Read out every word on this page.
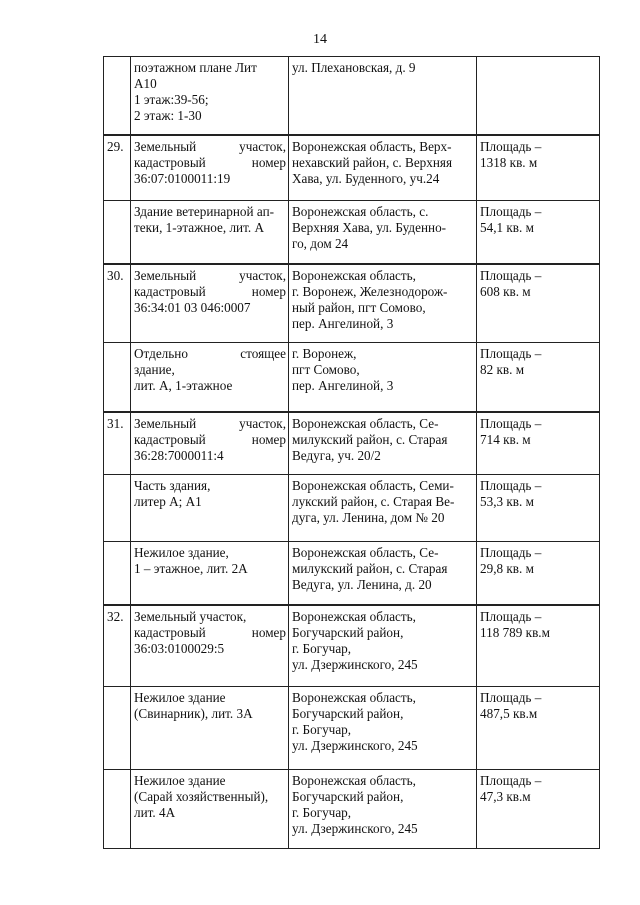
14

	поэтажном плане Лит
А10
1 этаж:39-56;
2 этаж: 1-30	ул. Плехановская, д. 9	

29.	Земельный участок,
кадастровый номер
36:07:0100011:19	Воронежская область, Верх-
нехавский район, с. Верхняя
Хава, ул. Буденного, уч.24	Площадь –
1318 кв. м

	Здание ветеринарной ап-
теки, 1-этажное, лит. А	Воронежская область, с.
Верхняя Хава, ул. Буденно-
го, дом 24	Площадь –
54,1 кв. м

30.	Земельный участок,
кадастровый номер
36:34:01 03 046:0007	Воронежская область,
г. Воронеж, Железнодорож-
ный район, пгт Сомово,
пер. Ангелиной, 3	Площадь –
608 кв. м

	Отдельно стоящее
здание,
лит. А, 1-этажное	г. Воронеж,
пгт Сомово,
пер. Ангелиной, 3	Площадь –
82 кв. м

31.	Земельный участок,
кадастровый номер
36:28:7000011:4	Воронежская область, Се-
милукский район, с. Старая
Ведуга, уч. 20/2	Площадь –
714 кв. м

	Часть здания,
литер А; А1	Воронежская область, Семи-
лукский район, с. Старая Ве-
дуга, ул. Ленина, дом № 20	Площадь –
53,3 кв. м

	Нежилое здание,
1 – этажное, лит. 2А	Воронежская область, Се-
милукский район, с. Старая
Ведуга, ул. Ленина, д. 20	Площадь –
29,8 кв. м

32.	Земельный участок,
кадастровый номер
36:03:0100029:5	Воронежская область,
Богучарский район,
г. Богучар,
ул. Дзержинского, 245	Площадь –
118 789 кв.м

	Нежилое здание
(Свинарник), лит. 3А	Воронежская область,
Богучарский район,
г. Богучар,
ул. Дзержинского, 245	Площадь –
487,5 кв.м

	Нежилое здание
(Сарай хозяйственный),
лит. 4А	Воронежская область,
Богучарский район,
г. Богучар,
ул. Дзержинского, 245	Площадь –
47,3 кв.м
